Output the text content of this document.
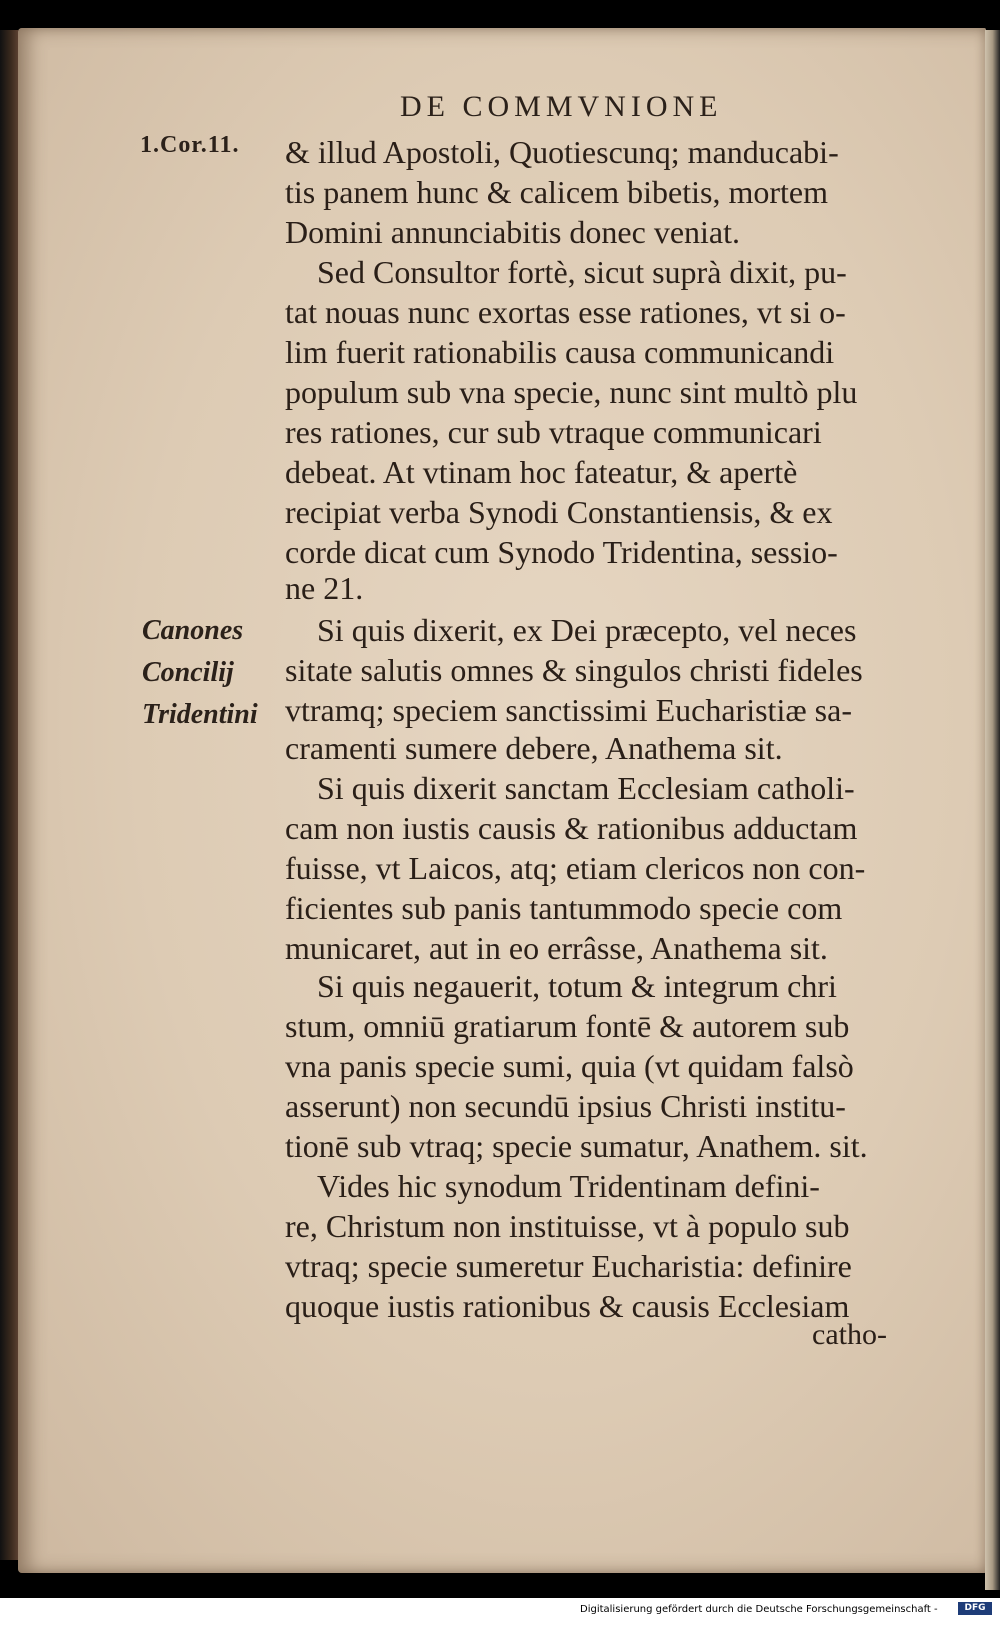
DE COMMVNIONE
1.Cor.11.
Canones
Concilij
Tridentini
& illud Apostoli, Quotiescunq; manducabi-
tis panem hunc & calicem bibetis, mortem
Domini annunciabitis donec veniat.
Sed Consultor fortè, sicut suprà dixit, pu-
tat nouas nunc exortas esse rationes, vt si o-
lim fuerit rationabilis causa communicandi
populum sub vna specie, nunc sint multò plu
res rationes, cur sub vtraque communicari
debeat. At vtinam hoc fateatur, & apertè
recipiat verba Synodi Constantiensis, & ex
corde dicat cum Synodo Tridentina, sessio-
ne 21.
Si quis dixerit, ex Dei præcepto, vel neces
sitate salutis omnes & singulos christi fideles
vtramq; speciem sanctissimi Eucharistiæ sa-
cramenti sumere debere, Anathema sit.
Si quis dixerit sanctam Ecclesiam catholi-
cam non iustis causis & rationibus adductam
fuisse, vt Laicos, atq; etiam clericos non con-
ficientes sub panis tantummodo specie com
municaret, aut in eo errâsse, Anathema sit.
Si quis negauerit, totum & integrum chri
stum, omniū gratiarum fontē & autorem sub
vna panis specie sumi, quia (vt quidam falsò
asserunt) non secundū ipsius Christi institu-
tionē sub vtraq; specie sumatur, Anathem. sit.
Vides hic synodum Tridentinam defini-
re, Christum non instituisse, vt à populo sub
vtraq; specie sumeretur Eucharistia: definire
quoque iustis rationibus & causis Ecclesiam
catho-
Digitalisierung gefördert durch die Deutsche Forschungsgemeinschaft -	DFG
